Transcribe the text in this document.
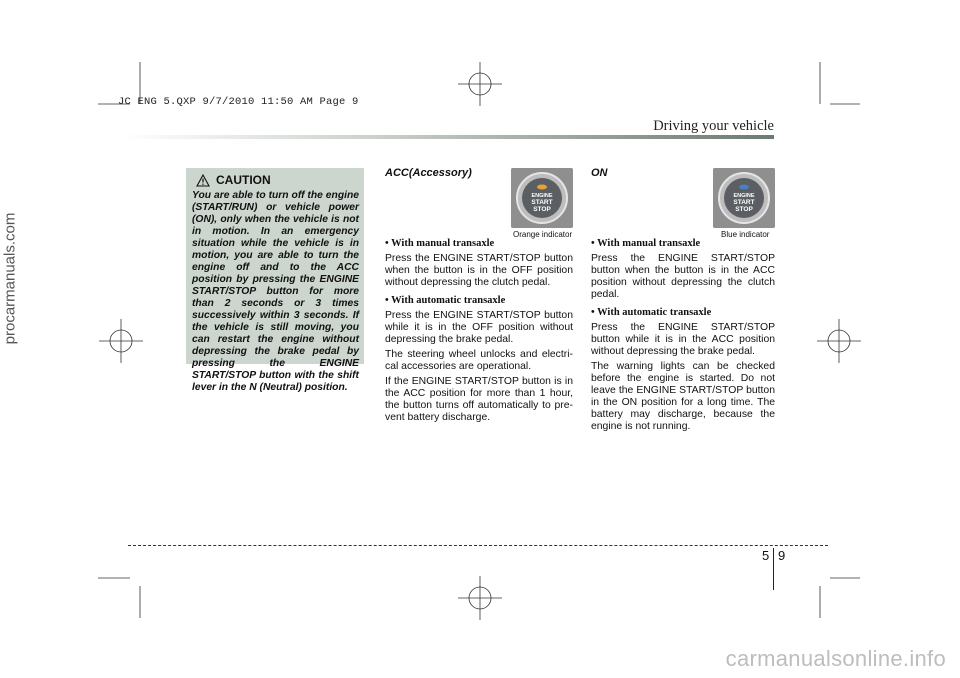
JC ENG 5.QXP 9/7/2010 11:50 AM Page 9
procarmanuals.com
Driving your vehicle
CAUTION
You are able to turn off the engine (START/RUN) or vehicle power (ON), only when the vehicle is not in motion. In an emergency situation while the vehicle is in motion, you are able to turn the engine off and to the ACC position by pressing the ENGINE START/STOP button for more than 2 seconds or 3 times successively within 3 seconds. If the vehicle is still moving, you can restart the engine without depressing the brake pedal by pressing the ENGINE START/STOP button with the shift lever in the N (Neutral) position.
ACC(Accessory)
ENGINE
START
STOP
Orange indicator

• With manual transaxle

Press the ENGINE START/STOP button when the button is in the OFF position without depressing the clutch pedal.

• With automatic transaxle

Press the ENGINE START/STOP button while it is in the OFF position without depressing the brake pedal.

The steering wheel unlocks and electri-cal accessories are operational.

If the ENGINE START/STOP button is in the ACC position for more than 1 hour, the button turns off automatically to pre-vent battery discharge.

ON
ENGINE
START
STOP
Blue indicator

• With manual transaxle

Press the ENGINE START/STOP button when the button is in the ACC position without depressing the clutch pedal.

• With automatic transaxle

Press the ENGINE START/STOP button while it is in the ACC position without depressing the brake pedal.

The warning lights can be checked before the engine is started. Do not leave the ENGINE START/STOP button in the ON position for a long time. The battery may discharge, because the engine is not running.

5 9
carmanualsonline.info
